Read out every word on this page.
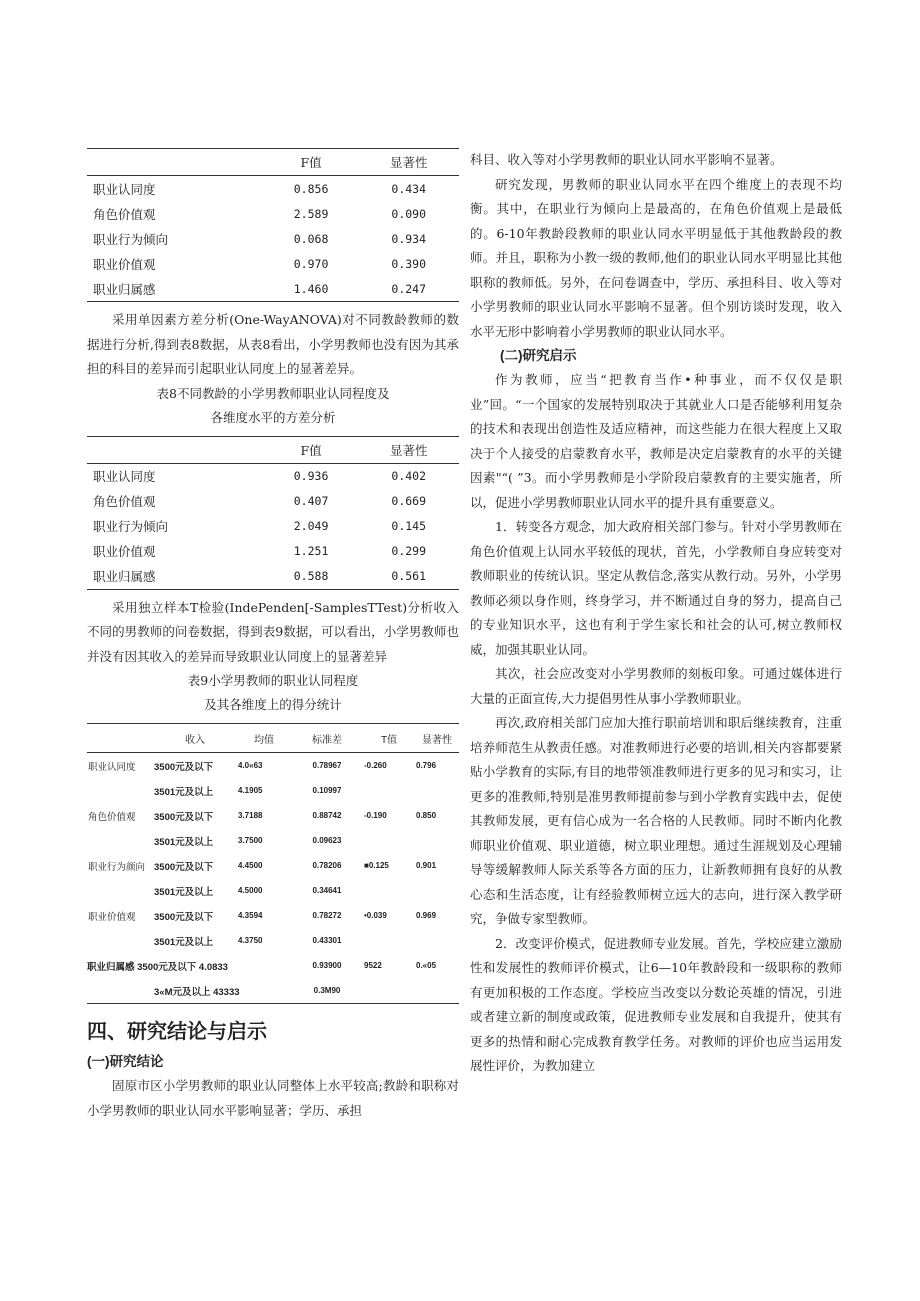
	F值	显著性
职业认同度	0.856	0.434
角色价值观	2.589	0.090
职业行为倾向	0.068	0.934
职业价值观	0.970	0.390
职业归属感	1.460	0.247

采用单因素方差分析(One-WayANOVA)对不同教龄教师的数据进行分析,得到表8数据，从表8看出，小学男教师也没有因为其承担的科目的差异而引起职业认同度上的显著差异。

表8不同教龄的小学男教师职业认同程度及

各维度水平的方差分析

	F值	显著性
职业认同度	0.936	0.402
角色价值观	0.407	0.669
职业行为倾向	2.049	0.145
职业价值观	1.251	0.299
职业归属感	0.588	0.561

采用独立样本T检验(IndePenden[-SamplesTTest)分析收入不同的男教师的问卷数据，得到表9数据，可以看出，小学男教师也并没有因其收入的差异而导致职业认同度上的显著差异

表9小学男教师的职业认同程度

及其各维度上的得分统计

	收入	均值	标准差	T值	显著性
职业认同度	3500元及以下	4.0«63	0.78967	-0.260	0.796
	3501元及以上	4.1905	0.10997		
角色价值观	3500元及以下	3.7188	0.88742	-0.190	0.850
	3501元及以上	3.7500	0.09623		
职业行为颜向	3500元及以下	4.4500	0.78206	■0.125	0.901
	3501元及以上	4.5000	0.34641		
职业价值观	3500元及以下	4.3594	0.78272	•0.039	0.969
	3501元及以上	4.3750	0.43301		
职业归属感 3500元及以下 4.0833			0.93900	9522	0.«05
	3«M元及以上 43333		0.3M90		
四、研究结论与启示
(一)研究结论

固原市区小学男教师的职业认同整体上水平较高;教龄和职称对小学男教师的职业认同水平影响显著；学历、承担

科目、收入等对小学男教师的职业认同水平影响不显著。

研究发现，男教师的职业认同水平在四个维度上的表现不均衡。其中，在职业行为倾向上是最高的，在角色价值观上是最低的。6-10年教龄段教师的职业认同水平明显低于其他教龄段的教师。并且，职称为小教一级的教师,他们的职业认同水平明显比其他职称的教师低。另外，在问卷调查中，学历、承担科目、收入等对小学男教师的职业认同水平影响不显著。但个别访谈时发现，收入水平无形中影响着小学男教师的职业认同水平。

(二)研究启示

作为教师，应当“把教育当作•种事业，而不仅仅是职业”回。“一个国家的发展特别取决于其就业人口是否能够利用复杂的技术和表现出创造性及适应精神，而这些能力在很大程度上又取决于个人接受的启蒙教育水平，教师是决定启蒙教育的水平的关键因素"“( ”3。而小学男教师是小学阶段启蒙教育的主要实施者，所以，促进小学男教师职业认同水平的提升具有重要意义。

1．转变各方观念，加大政府相关部门参与。针对小学男教师在角色价值观上认同水平较低的现状，首先，小学教师自身应转变对教师职业的传统认识。坚定从教信念,落实从教行动。另外，小学男教师必须以身作则，终身学习，并不断通过自身的努力，提高自己的专业知识水平，这也有利于学生家长和社会的认可,树立教师权威，加强其职业认同。

其次，社会应改变对小学男教师的刻板印象。可通过媒体进行大量的正面宣传,大力提倡男性从事小学教师职业。

再次,政府相关部门应加大推行职前培训和职后继续教育，注重培养师范生从教责任感。对准教师进行必要的培训,相关内容都要紧贴小学教育的实际,有目的地带领准教师进行更多的见习和实习，让更多的准教师,特别是准男教师提前参与到小学教育实践中去，促使其教师发展，更有信心成为一名合格的人民教师。同时不断内化教师职业价值观、职业道德，树立职业理想。通过生涯规划及心理辅导等缓解教师人际关系等各方面的压力，让新教师拥有良好的从教心态和生活态度，让有经验教师树立远大的志向，进行深入教学研究，争做专家型教师。

2．改变评价模式，促进教师专业发展。首先，学校应建立激励性和发展性的教师评价模式，让6—10年教龄段和一级职称的教师有更加积极的工作态度。学校应当改变以分数论英雄的情况，引进或者建立新的制度或政策，促进教师专业发展和自我提升，使其有更多的热情和耐心完成教育教学任务。对教师的评价也应当运用发展性评价，为教加建立
